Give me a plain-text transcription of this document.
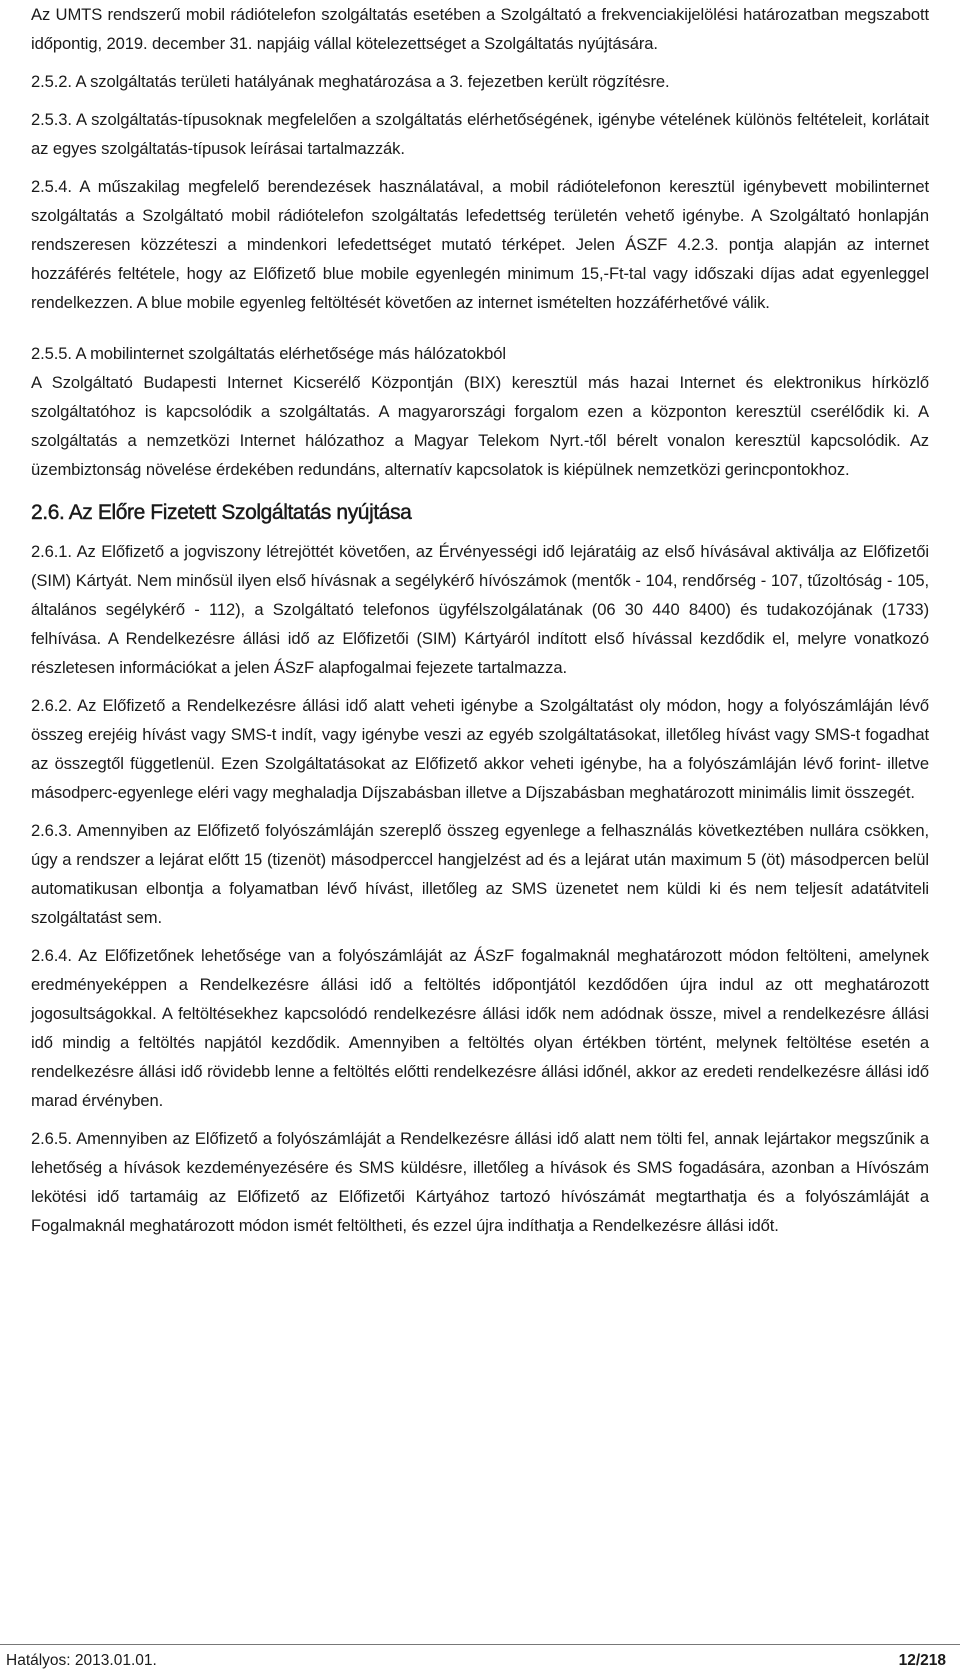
Az UMTS rendszerű mobil rádiótelefon szolgáltatás esetében a Szolgáltató a frekvenciakijelölési határozatban megszabott időpontig, 2019. december 31. napjáig vállal kötelezettséget a Szolgáltatás nyújtására.

2.5.2. A szolgáltatás területi hatályának meghatározása a 3. fejezetben került rögzítésre.

2.5.3. A szolgáltatás-típusoknak megfelelően a szolgáltatás elérhetőségének, igénybe vételének különös feltételeit, korlátait az egyes szolgáltatás-típusok leírásai tartalmazzák.

2.5.4. A műszakilag megfelelő berendezések használatával, a mobil rádiótelefonon keresztül igénybevett mobilinternet szolgáltatás a Szolgáltató mobil rádiótelefon szolgáltatás lefedettség területén vehető igénybe. A Szolgáltató honlapján rendszeresen közzéteszi a mindenkori lefedettséget mutató térképet. Jelen ÁSZF 4.2.3. pontja alapján az internet hozzáférés feltétele, hogy az Előfizető blue mobile egyenlegén minimum 15,-Ft-tal vagy időszaki díjas adat egyenleggel rendelkezzen. A blue mobile egyenleg feltöltését követően az internet ismételten hozzáférhetővé válik.

2.5.5. A mobilinternet szolgáltatás elérhetősége más hálózatokból
A Szolgáltató Budapesti Internet Kicserélő Központján (BIX) keresztül más hazai Internet és elektronikus hírközlő szolgáltatóhoz is kapcsolódik a szolgáltatás. A magyarországi forgalom ezen a központon keresztül cserélődik ki. A szolgáltatás a nemzetközi Internet hálózathoz a Magyar Telekom Nyrt.-től bérelt vonalon keresztül kapcsolódik. Az üzembiztonság növelése érdekében redundáns, alternatív kapcsolatok is kiépülnek nemzetközi gerincpontokhoz.

2.6. Az Előre Fizetett Szolgáltatás nyújtása

2.6.1. Az Előfizető a jogviszony létrejöttét követően, az Érvényességi idő lejáratáig az első hívásával aktiválja az Előfizetői (SIM) Kártyát. Nem minősül ilyen első hívásnak a segélykérő hívószámok (mentők - 104, rendőrség - 107, tűzoltóság - 105, általános segélykérő - 112), a Szolgáltató telefonos ügyfélszolgálatának (06 30 440 8400) és tudakozójának (1733) felhívása. A Rendelkezésre állási idő az Előfizetői (SIM) Kártyáról indított első hívással kezdődik el, melyre vonatkozó részletesen információkat a jelen ÁSzF alapfogalmai fejezete tartalmazza.

2.6.2. Az Előfizető a Rendelkezésre állási idő alatt veheti igénybe a Szolgáltatást oly módon, hogy a folyószámláján lévő összeg erejéig hívást vagy SMS-t indít, vagy igénybe veszi az egyéb szolgáltatásokat, illetőleg hívást vagy SMS-t fogadhat az összegtől függetlenül. Ezen Szolgáltatásokat az Előfizető akkor veheti igénybe, ha a folyószámláján lévő forint- illetve másodperc-egyenlege eléri vagy meghaladja Díjszabásban illetve a Díjszabásban meghatározott minimális limit összegét.

2.6.3. Amennyiben az Előfizető folyószámláján szereplő összeg egyenlege a felhasználás következtében nullára csökken, úgy a rendszer a lejárat előtt 15 (tizenöt) másodperccel hangjelzést ad és a lejárat után maximum 5 (öt) másodpercen belül automatikusan elbontja a folyamatban lévő hívást, illetőleg az SMS üzenetet nem küldi ki és nem teljesít adatátviteli szolgáltatást sem.

2.6.4. Az Előfizetőnek lehetősége van a folyószámláját az ÁSzF fogalmaknál meghatározott módon feltölteni, amelynek eredményeképpen a Rendelkezésre állási idő a feltöltés időpontjától kezdődően újra indul az ott meghatározott jogosultságokkal. A feltöltésekhez kapcsolódó rendelkezésre állási idők nem adódnak össze, mivel a rendelkezésre állási idő mindig a feltöltés napjától kezdődik. Amennyiben a feltöltés olyan értékben történt, melynek feltöltése esetén a rendelkezésre állási idő rövidebb lenne a feltöltés előtti rendelkezésre állási időnél, akkor az eredeti rendelkezésre állási idő marad érvényben.

2.6.5. Amennyiben az Előfizető a folyószámláját a Rendelkezésre állási idő alatt nem tölti fel, annak lejártakor megszűnik a lehetőség a hívások kezdeményezésére és SMS küldésre, illetőleg a hívások és SMS fogadására, azonban a Hívószám lekötési idő tartamáig az Előfizető az Előfizetői Kártyához tartozó hívószámát megtarthatja és a folyószámláját a Fogalmaknál meghatározott módon ismét feltöltheti, és ezzel újra indíthatja a Rendelkezésre állási időt.

Hatályos: 2013.01.01.	12/218
